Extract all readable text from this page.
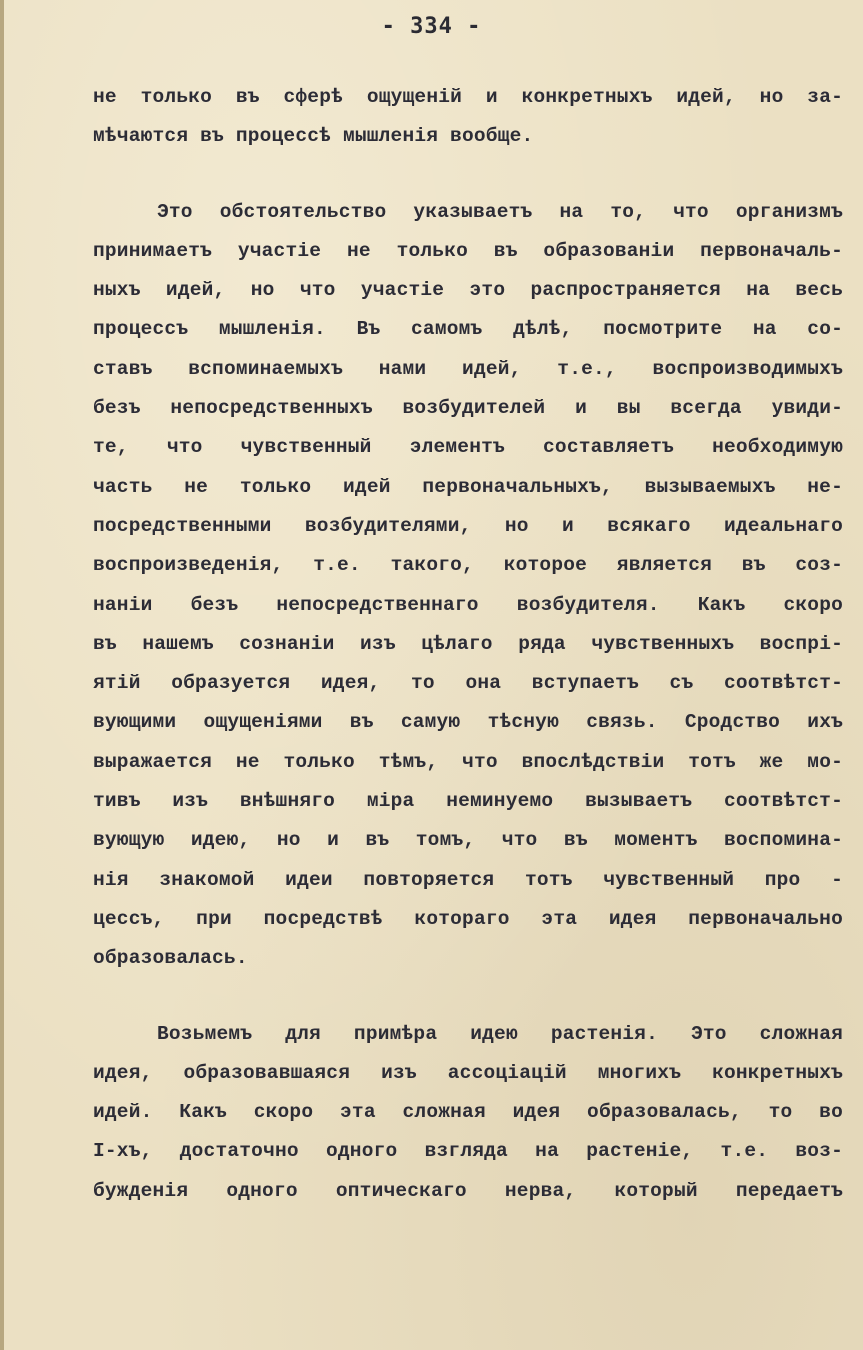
- 334 -
не только въ сферѣ ощущеній и конкретныхъ идей, но за-
мѣчаются въ процессѣ мышленія вообще.
Это обстоятельство указываетъ на то, что организмъ
принимаетъ участіе не только въ образованіи первоначаль-
ныхъ идей, но что участіе это распространяется на весь
процессъ мышленія. Въ самомъ дѣлѣ, посмотрите на со-
ставъ вспоминаемыхъ нами идей, т.е., воспроизводимыхъ
безъ непосредственныхъ возбудителей и вы всегда увиди-
те, что чувственный элементъ составляетъ необходимую
часть не только идей первоначальныхъ, вызываемыхъ не-
посредственными возбудителями, но и всякаго идеальнаго
воспроизведенія, т.е. такого, которое является въ соз-
наніи безъ непосредственнаго возбудителя. Какъ скоро
въ нашемъ сознаніи изъ цѣлаго ряда чувственныхъ воспрі-
ятій образуется идея, то она вступаетъ съ соотвѣтст-
вующими ощущеніями въ самую тѣсную связь. Сродство ихъ
выражается не только тѣмъ, что впослѣдствіи тотъ же мо-
тивъ изъ внѣшняго міра неминуемо вызываетъ соотвѣтст-
вующую идею, но и въ томъ, что въ моментъ воспомина-
нія знакомой идеи повторяется тотъ чувственный про -
цессъ, при посредствѣ котораго эта идея первоначально
образовалась.
Возьмемъ для примѣра идею растенія. Это сложная
идея, образовавшаяся изъ ассоціацій многихъ конкретныхъ
идей. Какъ скоро эта сложная идея образовалась, то во
I-хъ, достаточно одного взгляда на растеніе, т.е. воз-
бужденія одного оптическаго нерва, который передаетъ
